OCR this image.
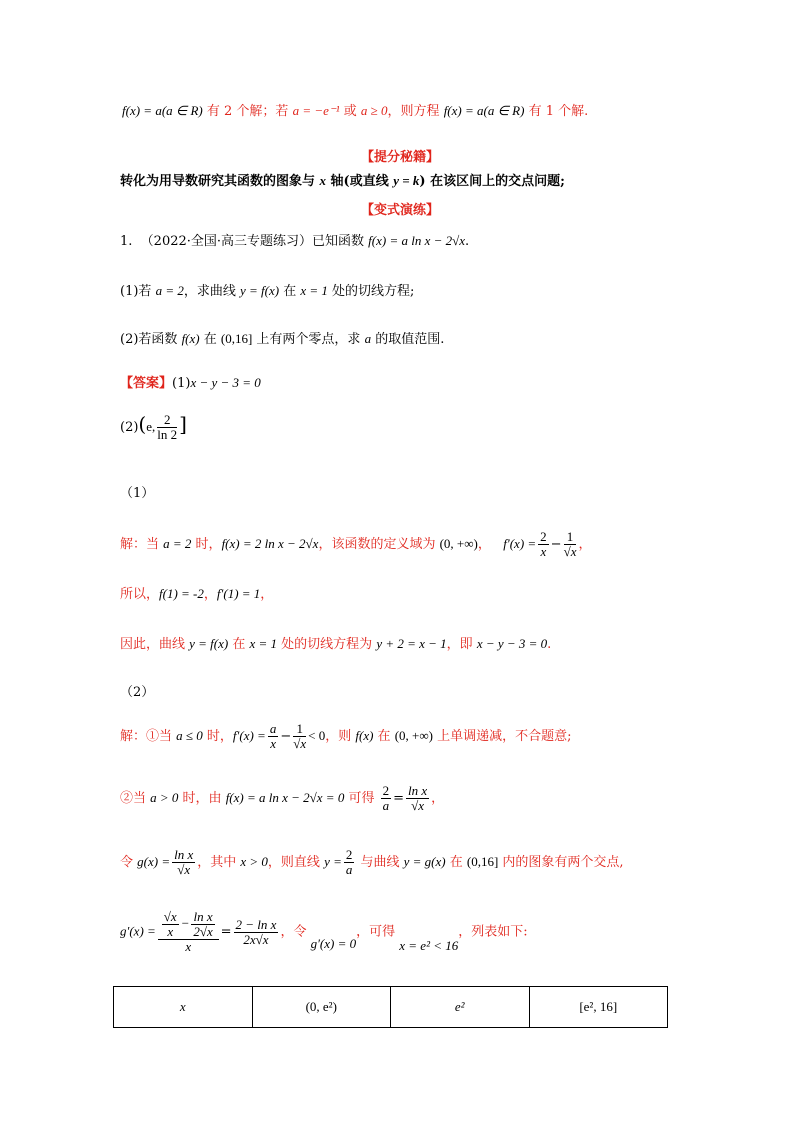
f(x) = a(a ∈ R) 有 2 个解；若 a = −e⁻¹ 或 a ≥ 0，则方程 f(x) = a(a ∈ R) 有 1 个解.
【提分秘籍】
转化为用导数研究其函数的图象与 x 轴(或直线 y = k) 在该区间上的交点问题;
【变式演练】
1. （2022·全国·高三专题练习）已知函数 f(x) = a ln x − 2√x.
(1)若 a = 2，求曲线 y = f(x) 在 x = 1 处的切线方程;
(2)若函数 f(x) 在 (0,16] 上有两个零点，求 a 的取值范围.
【答案】(1)x − y − 3 = 0
(2)(e, $\frac{2}{\ln 2}$ ]
（1）
解：当 a = 2 时，f(x) = 2 ln x − 2√x，该函数的定义域为 (0, +∞)， $f'(x) = \frac{2}{x} - \frac{1}{√x}$ ，
所以，f(1) = -2，f′(1) = 1，
因此，曲线 y = f(x) 在 x = 1 处的切线方程为 y + 2 = x − 1，即 x − y − 3 = 0.
（2）
解：①当 a ≤ 0 时，$f'(x) = \frac{a}{x} - \frac{1}{√x} < 0$，则 f(x) 在 (0, +∞) 上单调递减，不合题意;
②当 a > 0 时，由 f(x) = a ln x − 2√x = 0 可得 $\frac{2}{a} = \frac{\text{ln x}}{√x}$ ，
令 $g(x) = \frac{\text{ln x}}{√x}$ ，其中 x > 0，则直线 $y = \frac{2}{a}$ 与曲线 y = g(x) 在 (0,16] 内的图象有两个交点,
$g'(x) = \frac{\frac{√x}{x} - \frac{\text{ln x}}{2√x}}{x} = \frac{\text{2 − ln x}}{2x√x}$ ，令 g′(x) = 0，可得 x = e² < 16，列表如下:
x	(0, e²)	e²	[e², 16]
